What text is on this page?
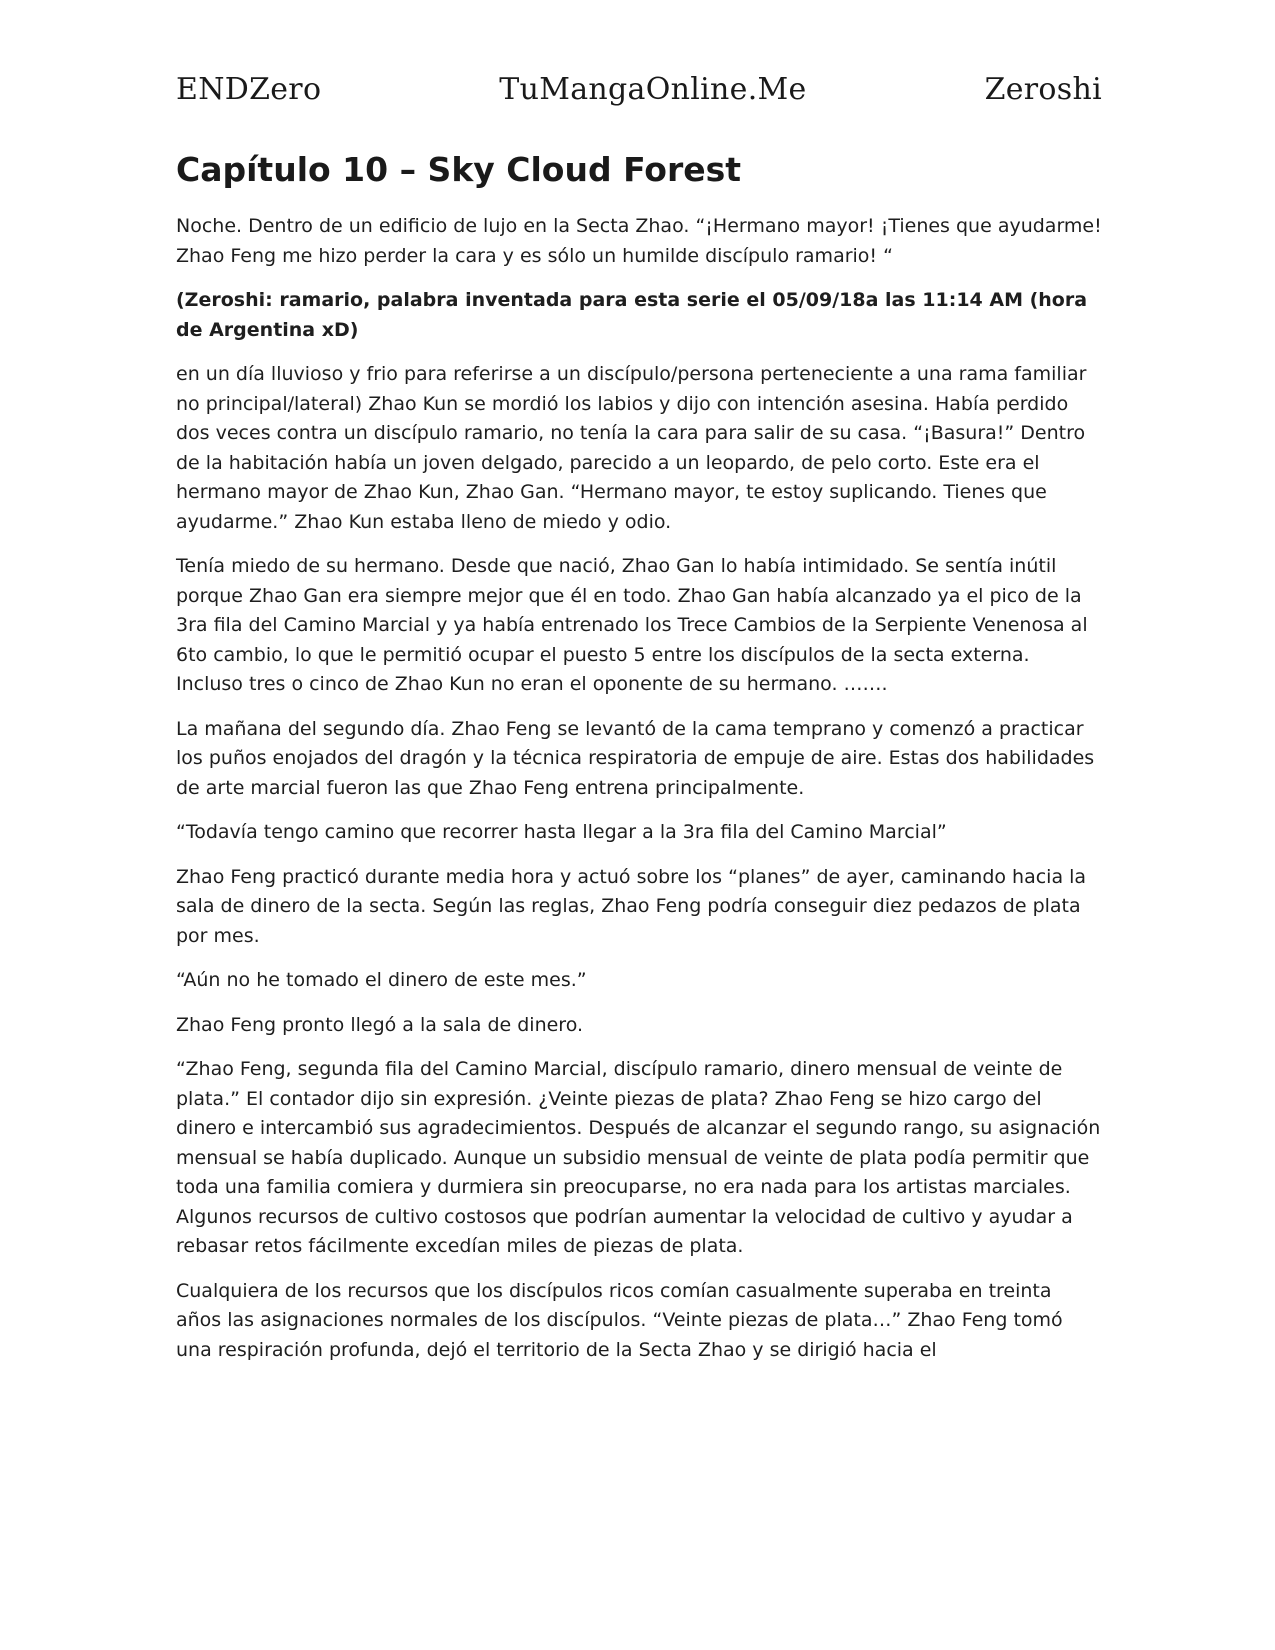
ENDZero	TuMangaOnline.Me	Zeroshi
Capítulo 10 – Sky Cloud Forest

Noche. Dentro de un edificio de lujo en la Secta Zhao. “¡Hermano mayor! ¡Tienes que ayudarme! Zhao Feng me hizo perder la cara y es sólo un humilde discípulo ramario! “

(Zeroshi: ramario, palabra inventada para esta serie el 05/09/18a las 11:14 AM (hora de Argentina xD)

en un día lluvioso y frio para referirse a un discípulo/persona perteneciente a una rama familiar no principal/lateral) Zhao Kun se mordió los labios y dijo con intención asesina. Había perdido dos veces contra un discípulo ramario, no tenía la cara para salir de su casa. “¡Basura!” Dentro de la habitación había un joven delgado, parecido a un leopardo, de pelo corto. Este era el hermano mayor de Zhao Kun, Zhao Gan. “Hermano mayor, te estoy suplicando. Tienes que ayudarme.” Zhao Kun estaba lleno de miedo y odio.

Tenía miedo de su hermano. Desde que nació, Zhao Gan lo había intimidado. Se sentía inútil porque Zhao Gan era siempre mejor que él en todo. Zhao Gan había alcanzado ya el pico de la 3ra fila del Camino Marcial y ya había entrenado los Trece Cambios de la Serpiente Venenosa al 6to cambio, lo que le permitió ocupar el puesto 5 entre los discípulos de la secta externa. Incluso tres o cinco de Zhao Kun no eran el oponente de su hermano. …….

La mañana del segundo día. Zhao Feng se levantó de la cama temprano y comenzó a practicar los puños enojados del dragón y la técnica respiratoria de empuje de aire. Estas dos habilidades de arte marcial fueron las que Zhao Feng entrena principalmente.

“Todavía tengo camino que recorrer hasta llegar a la 3ra fila del Camino Marcial”

Zhao Feng practicó durante media hora y actuó sobre los “planes” de ayer, caminando hacia la sala de dinero de la secta. Según las reglas, Zhao Feng podría conseguir diez pedazos de plata por mes.

“Aún no he tomado el dinero de este mes.”

Zhao Feng pronto llegó a la sala de dinero.

“Zhao Feng, segunda fila del Camino Marcial, discípulo ramario, dinero mensual de veinte de plata.” El contador dijo sin expresión. ¿Veinte piezas de plata? Zhao Feng se hizo cargo del dinero e intercambió sus agradecimientos. Después de alcanzar el segundo rango, su asignación mensual se había duplicado. Aunque un subsidio mensual de veinte de plata podía permitir que toda una familia comiera y durmiera sin preocuparse, no era nada para los artistas marciales. Algunos recursos de cultivo costosos que podrían aumentar la velocidad de cultivo y ayudar a rebasar retos fácilmente excedían miles de piezas de plata.

Cualquiera de los recursos que los discípulos ricos comían casualmente superaba en treinta años las asignaciones normales de los discípulos. “Veinte piezas de plata…” Zhao Feng tomó una respiración profunda, dejó el territorio de la Secta Zhao y se dirigió hacia el
